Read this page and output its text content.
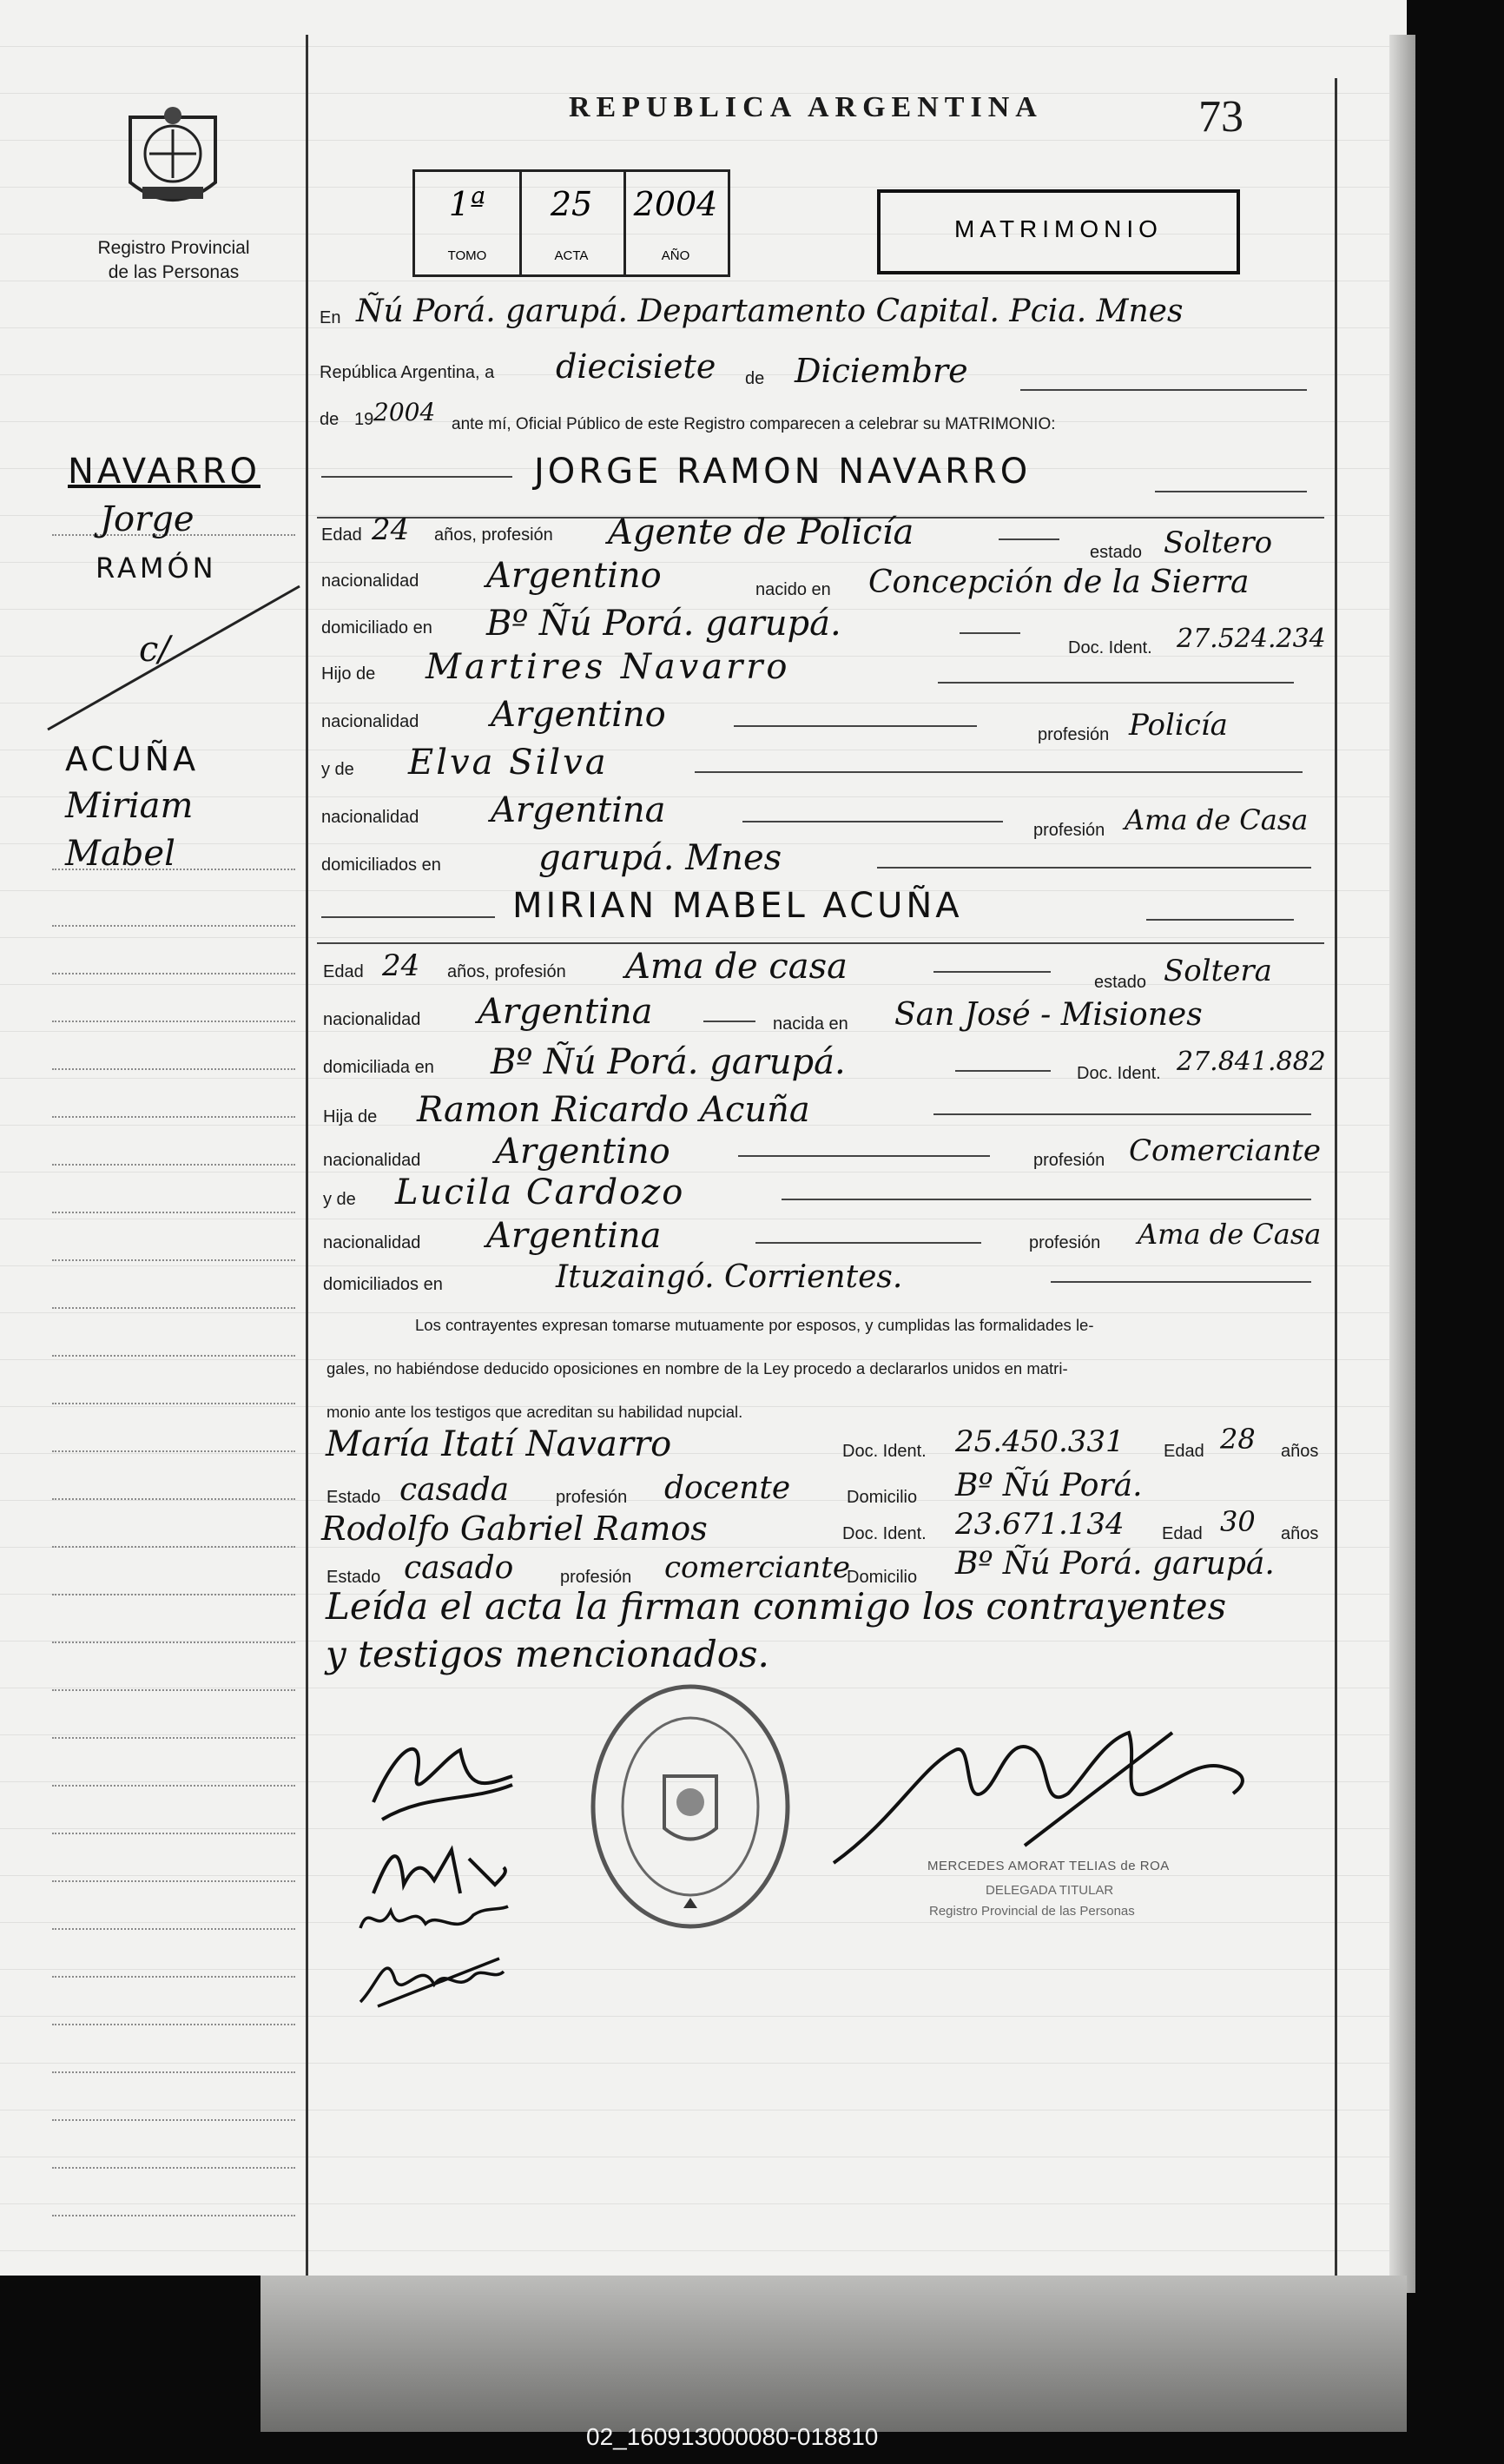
Registro Provincial
de las Personas
REPUBLICA ARGENTINA	73
1ª
TOMO
25
ACTA
2004
AÑO
MATRIMONIO
NAVARRO
Jorge
RAMÓN
c/
ACUÑA
Miriam
Mabel
En Ñú Porá. garupá. Departamento Capital. Pcia. Mnes
República Argentina, a diecisiete de Diciembre
de 19 2004 ante mí, Oficial Público de este Registro comparecen a celebrar su MATRIMONIO:
JORGE RAMON NAVARRO
Edad 24 años, profesión Agente de Policía	estado Soltero
nacionalidad Argentino	nacido en Concepción de la Sierra
domiciliado en Bº Ñú Porá. garupá.
Doc. Ident. 27.524.234
Hijo de Martires Navarro
nacionalidad Argentino	profesión Policía
y de Elva Silva
nacionalidad Argentina	profesión Ama de Casa
domiciliados en	garupá. Mnes
MIRIAN MABEL ACUÑA
Edad 24 años, profesión Ama de casa	estado Soltera
nacionalidad Argentina	nacida en San José - Misiones
domiciliada en Bº Ñú Porá. garupá.	Doc. Ident. 27.841.882
Hija de Ramon Ricardo Acuña
nacionalidad Argentino	profesión Comerciante
y de Lucila Cardozo
nacionalidad Argentina	profesión Ama de Casa
domiciliados en	Ituzaingó. Corrientes.
Los contrayentes expresan tomarse mutuamente por esposos, y cumplidas las formalidades le-
gales, no habiéndose deducido oposiciones en nombre de la Ley procedo a declararlos unidos en matri-
monio ante los testigos que acreditan su habilidad nupcial.
María Itatí Navarro	Doc. Ident. 25.450.331 Edad 28 años
Estado casada	profesión docente	Domicilio Bº Ñú Porá.
Rodolfo Gabriel Ramos	Doc. Ident. 23.671.134 Edad 30 años
Estado casado	profesión comerciante
Domicilio Bº Ñú Porá. garupá.
Leída el acta la firman conmigo los contrayentes
y testigos mencionados.
MERCEDES AMORAT TELIAS de ROA
DELEGADA TITULAR
Registro Provincial de las Personas
02_160913000080-018810
